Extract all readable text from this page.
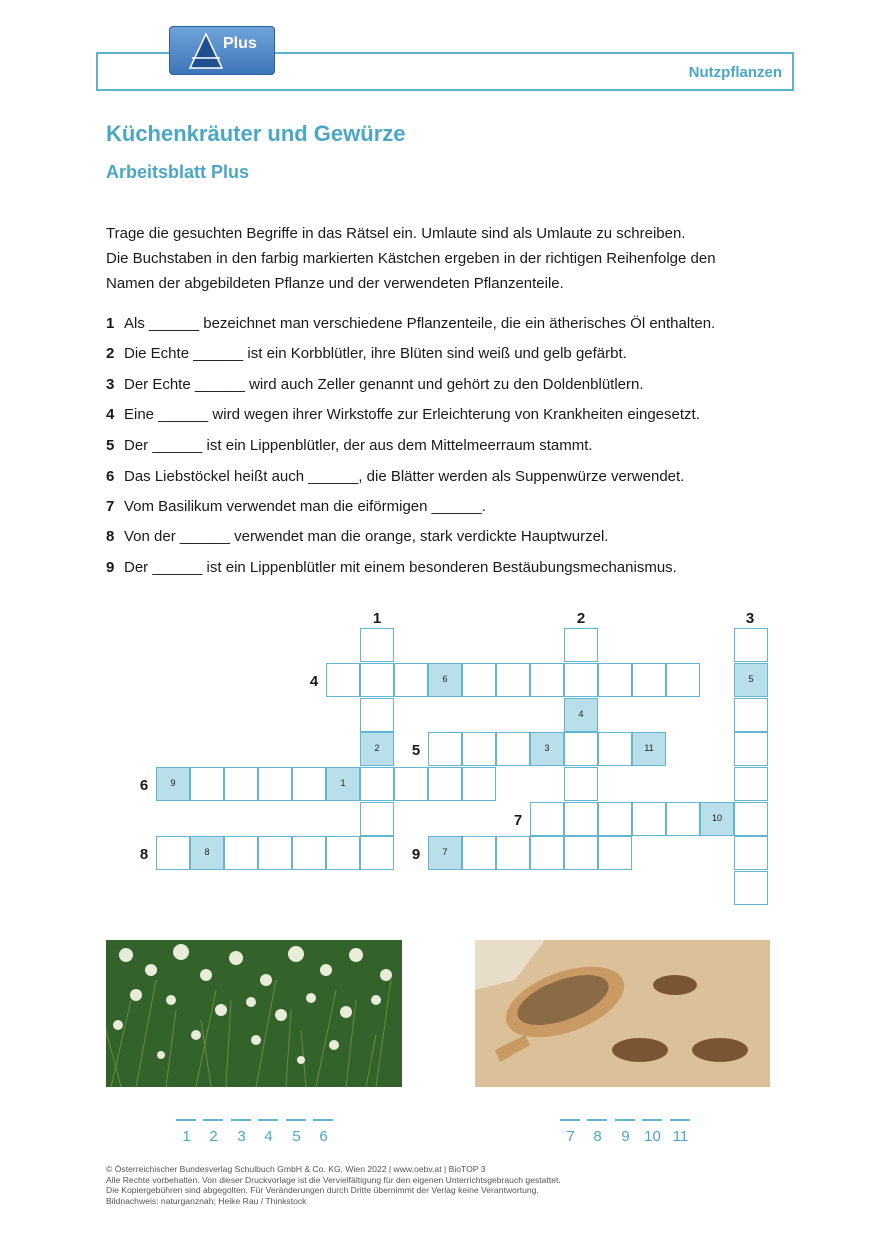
Nutzpflanzen
Plus
Küchenkräuter und Gewürze
Arbeitsblatt Plus
Trage die gesuchten Begriffe in das Rätsel ein. Umlaute sind als Umlaute zu schreiben.
Die Buchstaben in den farbig markierten Kästchen ergeben in der richtigen Reihenfolge den
Namen der abgebildeten Pflanze und der verwendeten Pflanzenteile.
1 Als ______ bezeichnet man verschiedene Pflanzenteile, die ein ätherisches Öl enthalten.
2 Die Echte ______ ist ein Korbblütler, ihre Blüten sind weiß und gelb gefärbt.
3 Der Echte ______ wird auch Zeller genannt und gehört zu den Doldenblütlern.
4 Eine ______ wird wegen ihrer Wirkstoffe zur Erleichterung von Krankheiten eingesetzt.
5 Der ______ ist ein Lippenblütler, der aus dem Mittelmeerraum stammt.
6 Das Liebstöckel heißt auch ______, die Blätter werden als Suppenwürze verwendet.
7 Vom Basilikum verwendet man die eiförmigen ______.
8 Von der ______ verwendet man die orange, stark verdickte Hauptwurzel.
9 Der ______ ist ein Lippenblütler mit einem besonderen Bestäubungsmechanismus.
1	2	3
4
5
6
7
8	9
2
4
5
6
3	11
9	1
10
8	7
1	2	3	4	5	6	7	8	9 10 11
© Österreichischer Bundesverlag Schulbuch GmbH & Co. KG, Wien 2022 | www.oebv.at | BioTOP 3
Alle Rechte vorbehalten. Von dieser Druckvorlage ist die Vervielfältigung für den eigenen Unterrichtsgebrauch gestattet.
Die Kopiergebühren sind abgegolten. Für Veränderungen durch Dritte übernimmt der Verlag keine Verantwortung.
Bildnachweis: naturganznah; Heike Rau / Thinkstock
